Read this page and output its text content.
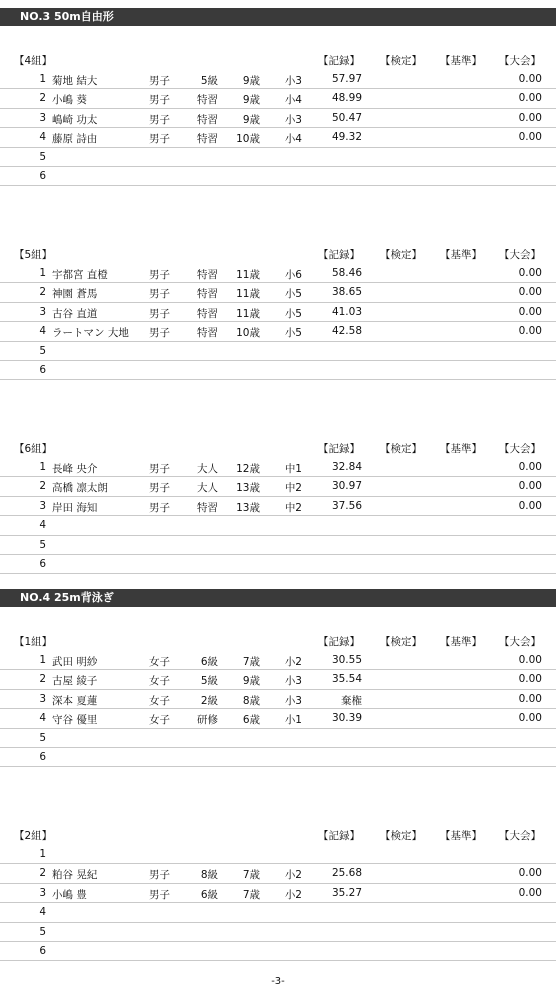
NO.3 50m自由形
NO.4 25m背泳ぎ
【4組】	【記録】 【検定】 【基準】 【大会】
1 菊地 結大	男子	5級	9歳	小3	57.97	0.00
2 小嶋 葵	男子	特習	9歳	小4	48.99	0.00
3 嶋崎 功太	男子	特習	9歳	小3	50.47	0.00
4 藤原 詩由	男子	特習	10歳	小4	49.32	0.00
5
6
【5組】	【記録】 【検定】 【基準】 【大会】
1 宇都宮 直橙	男子	特習	11歳	小6	58.46	0.00
2 神園 蒼馬	男子	特習	11歳	小5	38.65	0.00
3 古谷 直道	男子	特習	11歳	小5	41.03	0.00
4 ラートマン 大地 男子	特習	10歳	小5	42.58	0.00
5
6
【6組】	【記録】 【検定】 【基準】 【大会】
1 長峰 央介	男子	大人	12歳	中1	32.84	0.00
2 高橋 凛太朗	男子	大人	13歳	中2	30.97	0.00
3 岸田 海知	男子	特習	13歳	中2	37.56	0.00
4
5
6
【1組】	【記録】 【検定】 【基準】 【大会】
1 武田 明紗	女子	6級	7歳	小2	30.55	0.00
2 古屋 綾子	女子	5級	9歳	小3	35.54	0.00
3 深本 夏蓮	女子	2級	8歳	小3	棄権	0.00
4 守谷 優里	女子	研修	6歳	小1	30.39	0.00
5
6
【2組】	【記録】 【検定】 【基準】 【大会】
1
2 粕谷 晃紀	男子	8級	7歳	小2	25.68	0.00
3 小嶋 豊	男子	6級	7歳	小2	35.27	0.00
4
5
6
-3-
